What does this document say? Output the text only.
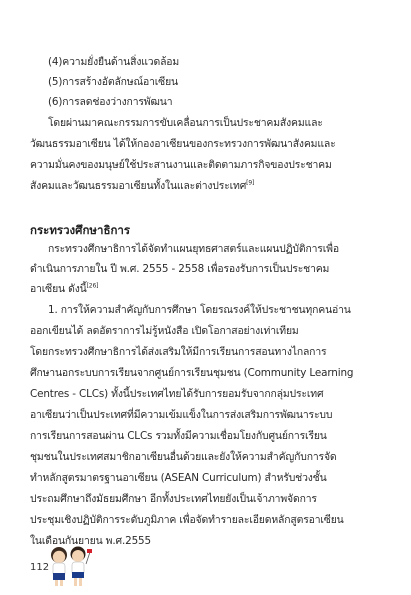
(4)ความยั่งยืนด้านสิ่งแวดล้อม
(5)การสร้างอัตลักษณ์อาเซียน
(6)การลดช่องว่างการพัฒนา
โดยผ่านมาคณะกรรมการขับเคลื่อนการเป็นประชาคมสังคมและ
วัฒนธรรมอาเซียน ได้ให้กองอาเซียนของกระทรวงการพัฒนาสังคมและ
ความมั่นคงของมนุษย์ใช้ประสานงานและติดตามภารกิจของประชาคม
สังคมและวัฒนธรรมอาเซียนทั้งในและต่างประเทศ[9]
กระทรวงศึกษาธิการ
กระทรวงศึกษาธิการได้จัดทำแผนยุทธศาสตร์และแผนปฏิบัติการเพื่อ
ดำเนินการภายใน ปี พ.ศ. 2555 - 2558 เพื่อรองรับการเป็นประชาคม
อาเซียน ดังนี้[26]
1. การให้ความสำคัญกับการศึกษา โดยรณรงค์ให้ประชาชนทุกคนอ่าน
ออกเขียนได้ ลดอัตราการไม่รู้หนังสือ เปิดโอกาสอย่างเท่าเทียม
โดยกระทรวงศึกษาธิการได้ส่งเสริมให้มีการเรียนการสอนทางไกลการ
ศึกษานอกระบบการเรียนจากศูนย์การเรียนชุมชน (Community Learning
Centres - CLCs) ทั้งนี้ประเทศไทยได้รับการยอมรับจากกลุ่มประเทศ
อาเซียนว่าเป็นประเทศที่มีความเข้มแข็งในการส่งเสริมการพัฒนาระบบ
การเรียนการสอนผ่าน CLCs รวมทั้งมีความเชื่อมโยงกับศูนย์การเรียน
ชุมชนในประเทศสมาชิกอาเซียนอื่นด้วยและยังให้ความสำคัญกับการจัด
ทำหลักสูตรมาตรฐานอาเซียน (ASEAN Curriculum) สำหรับช่วงชั้น
ประถมศึกษาถึงมัธยมศึกษา อีกทั้งประเทศไทยยังเป็นเจ้าภาพจัดการ
ประชุมเชิงปฏิบัติการระดับภูมิภาค เพื่อจัดทำรายละเอียดหลักสูตรอาเซียน
ในเดือนกันยายน พ.ศ.2555
112
